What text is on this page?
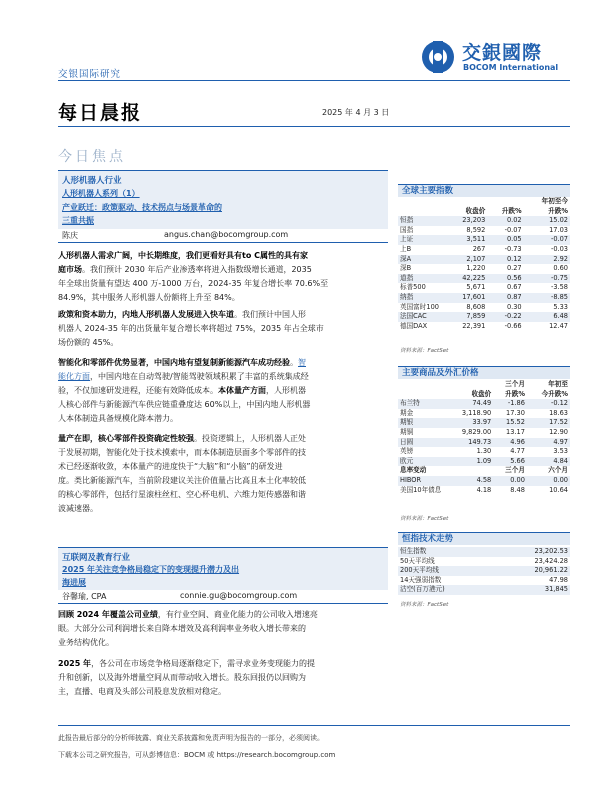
交银国际研究
交銀國際
BOCOM International
每日晨报	2025 年 4 月 3 日
今日焦点
人形机器人行业
人形机器人系列（1）
产业跃迁：政策驱动、技术拐点与场景革命的
三重共振
陈庆	angus.chan@bocomgroup.com
人形机器人需求广阔，中长期维度，我们更看好具有to C属性的具有家
庭市场。我们预计 2030 年后产业渗透率将进入指数级增长通道，2035
年全球出货量有望达 400 万-1000 万台，2024-35 年复合增长率 70.6%至
84.9%，其中服务人形机器人份额将上升至 84%。
政策和资本助力，内地人形机器人发展进入快车道。我们预计中国人形
机器人 2024-35 年的出货量年复合增长率将超过 75%，2035 年占全球市
场份额的 45%。
智能化和零部件优势显著，中国内地有望复制新能源汽车成功经验。智
能化方面，中国内地在自动驾驶/智能驾驶领域积累了丰富的系统集成经
验，不仅加速研发进程，还能有效降低成本。本体量产方面，人形机器
人核心部件与新能源汽车供应链重叠度达 60%以上，中国内地人形机器
人本体制造具备规模化降本潜力。
量产在即，核心零部件投资确定性较强。投资逻辑上，人形机器人正处
于发展初期，智能化处于技术摸索中，而本体制造层面多个零部件的技
术已经逐渐收敛，本体量产的进度快于“大脑”和“小脑”的研发进
度。类比新能源汽车，当前阶段建议关注价值量占比高且本土化率较低
的核心零部件，包括行星滚柱丝杠、空心杯电机、六维力矩传感器和谐
波减速器。
互联网及教育行业
2025 年关注竞争格局稳定下的变现提升潜力及出
海进展
谷馨瑜, CPA	connie.gu@bocomgroup.com
回顾 2024 年覆盖公司业绩，有行业空间、商业化能力的公司收入增速亮
眼。大部分公司利润增长来自降本增效及高利润率业务收入增长带来的
业务结构优化。
2025 年，各公司在市场竞争格局逐渐稳定下，需寻求业务变现能力的提
升和创新，以及海外增量空间从而带动收入增长。股东回报仍以回购为
主，直播、电商及头部公司股息发放相对稳定。
全球主要指数
	收盘价	升跌%	年初至今
升跌%
恒指	23,203	0.02	15.02
国指	8,592	-0.07	17.03
上证	3,511	0.05	-0.07
上B	267	-0.73	-0.03
深A	2,107	0.12	2.92
深B	1,220	0.27	0.60
道指	42,225	0.56	-0.75
标普500	5,671	0.67	-3.58
纳指	17,601	0.87	-8.85
英国富时100	8,608	0.30	5.33
法国CAC	7,859	-0.22	6.48
德国DAX	22,391	-0.66	12.47
资料来源：FactSet
主要商品及外汇价格
	收盘价	三个月
升跌%	年初至
今升跌%
布兰特	74.49	-1.86	-0.12
期金	3,118.90	17.30	18.63
期银	33.97	15.52	17.52
期铜	9,829.00	13.17	12.90
日圆	149.73	4.96	4.97
英镑	1.30	4.77	3.53
欧元	1.09	5.66	4.84
息率变动		三个月	六个月
HIBOR	4.58	0.00	0.00
美国10年债息	4.18	8.48	10.64
资料来源：FactSet
恒指技术走势
恒生指数	23,202.53
50天平均线	23,424.28
200天平均线	20,961.22
14天强弱指数	47.98
沽空(百万港元)	31,845
资料来源：FactSet
此报告最后部分的分析师披露、商业关系披露和免责声明为报告的一部分，必须阅读。
下载本公司之研究报告，可从彭博信息：BOCM 或 https://research.bocomgroup.com
